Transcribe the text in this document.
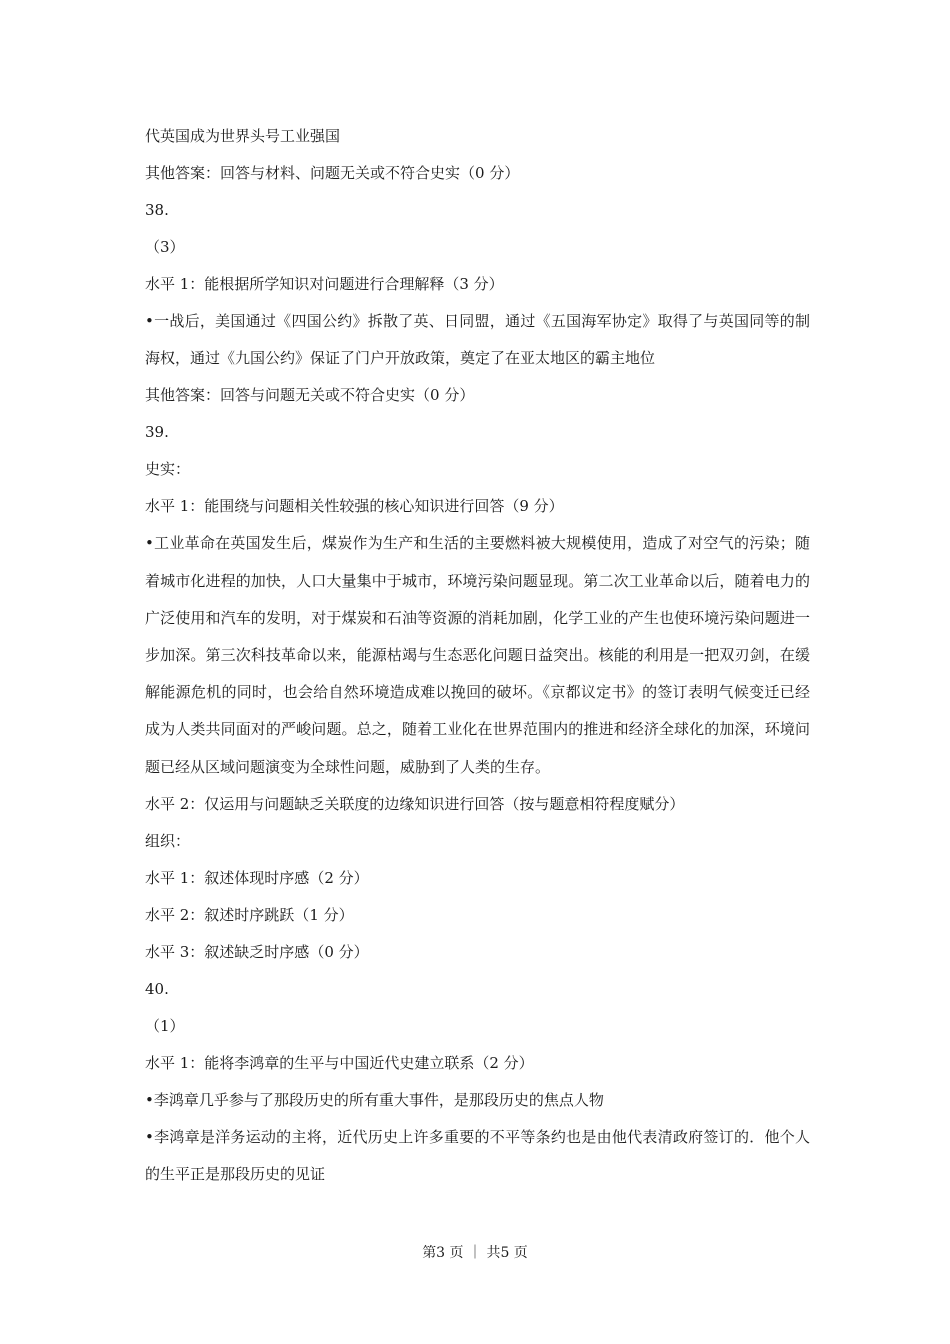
代英国成为世界头号工业强国
其他答案：回答与材料、问题无关或不符合史实（0 分）
38.
（3）
水平 1：能根据所学知识对问题进行合理解释（3 分）

•一战后，美国通过《四国公约》拆散了英、日同盟，通过《五国海军协定》取得了与英国同等的制海权，通过《九国公约》保证了门户开放政策，奠定了在亚太地区的霸主地位

其他答案：回答与问题无关或不符合史实（0 分）
39.
史实：
水平 1：能围绕与问题相关性较强的核心知识进行回答（9 分）

•工业革命在英国发生后，煤炭作为生产和生活的主要燃料被大规模使用，造成了对空气的污染；随着城市化进程的加快，人口大量集中于城市，环境污染问题显现。第二次工业革命以后，随着电力的广泛使用和汽车的发明，对于煤炭和石油等资源的消耗加剧，化学工业的产生也使环境污染问题进一步加深。第三次科技革命以来，能源枯竭与生态恶化问题日益突出。核能的利用是一把双刃剑，在缓解能源危机的同时，也会给自然环境造成难以挽回的破坏。《京都议定书》的签订表明气候变迁已经成为人类共同面对的严峻问题。总之，随着工业化在世界范围内的推进和经济全球化的加深，环境问题已经从区域问题演变为全球性问题，威胁到了人类的生存。

水平 2：仅运用与问题缺乏关联度的边缘知识进行回答（按与题意相符程度赋分）
组织：
水平 1：叙述体现时序感（2 分）
水平 2：叙述时序跳跃（1 分）
水平 3：叙述缺乏时序感（0 分）
40.
（1）
水平 1：能将李鸿章的生平与中国近代史建立联系（2 分）
•李鸿章几乎参与了那段历史的所有重大事件，是那段历史的焦点人物

•李鸿章是洋务运动的主将，近代历史上许多重要的不平等条约也是由他代表清政府签订的．他个人的生平正是那段历史的见证

第3 页 ｜ 共5 页
